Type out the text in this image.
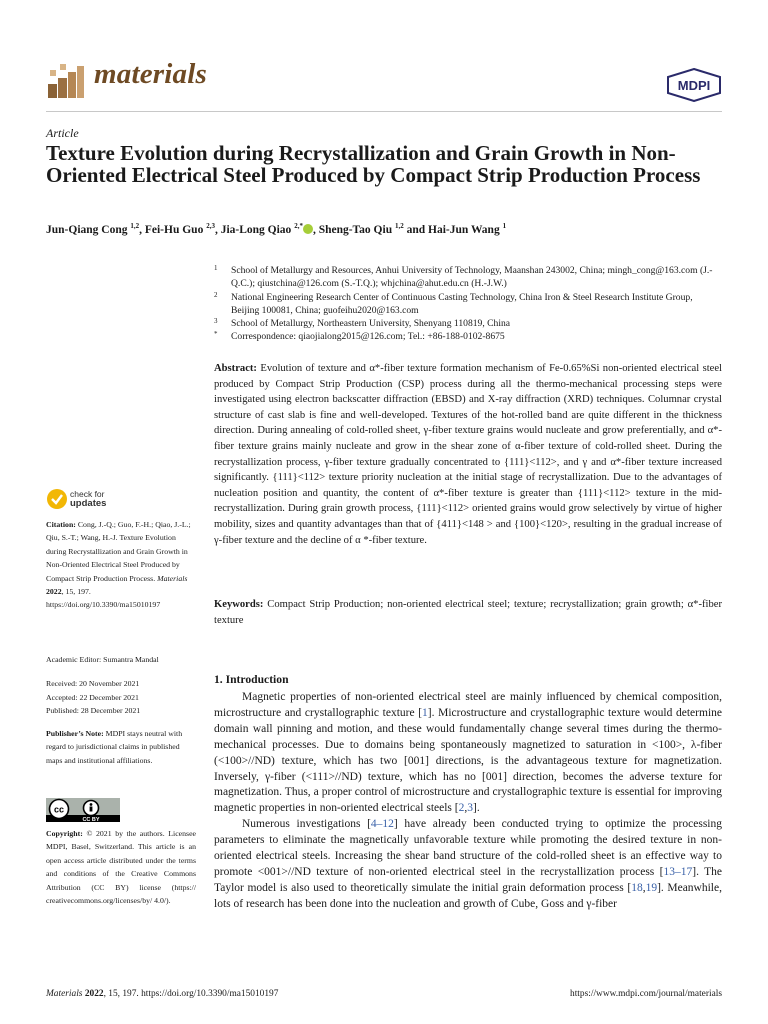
materials	MDPI
Article
Texture Evolution during Recrystallization and Grain Growth in Non-Oriented Electrical Steel Produced by Compact Strip Production Process
Jun-Qiang Cong $^{1,2}$, Fei-Hu Guo $^{2,3}$, Jia-Long Qiao $^{2,*}$ , Sheng-Tao Qiu $^{1,2}$ and Hai-Jun Wang $^1$
1 School of Metallurgy and Resources, Anhui University of Technology, Maanshan 243002, China; mingh_cong@163.com (J.-Q.C.); qiustchina@126.com (S.-T.Q.); whjchina@ahut.edu.cn (H.-J.W.)
2 National Engineering Research Center of Continuous Casting Technology, China Iron & Steel Research Institute Group, Beijing 100081, China; guofeihu2020@163.com
3 School of Metallurgy, Northeastern University, Shenyang 110819, China
* Correspondence: qiaojialong2015@126.com; Tel.: +86-188-0102-8675
Abstract: Evolution of texture and α*-fiber texture formation mechanism of Fe-0.65%Si non-oriented electrical steel produced by Compact Strip Production (CSP) process during all the thermo-mechanical processing steps were investigated using electron backscatter diffraction (EBSD) and X-ray diffraction (XRD) techniques. Columnar crystal structure of cast slab is fine and well-developed. Textures of the hot-rolled band are quite different in the thickness direction. During annealing of cold-rolled sheet, γ-fiber texture grains would nucleate and grow preferentially, and α*-fiber texture grains mainly nucleate and grow in the shear zone of α-fiber texture of cold-rolled sheet. During the recrystallization process, γ-fiber texture gradually concentrated to {111}<112>, and γ and α*-fiber texture increased significantly. {111}<112> texture priority nucleation at the initial stage of recrystallization. Due to the advantages of nucleation position and quantity, the content of α*-fiber texture is greater than {111}<112> texture in the mid-recrystallization. During grain growth process, {111}<112> oriented grains would grow selectively by virtue of higher mobility, sizes and quantity advantages than that of {411}<148 > and {100}<120>, resulting in the gradual increase of γ-fiber texture and the decline of α *-fiber texture.
Keywords: Compact Strip Production; non-oriented electrical steel; texture; recrystallization; grain growth; α*-fiber texture
check for
updates
Citation: Cong, J.-Q.; Guo, F.-H.; Qiao, J.-L.; Qiu, S.-T.; Wang, H.-J. Texture Evolution during Recrystallization and Grain Growth in Non-Oriented Electrical Steel Produced by Compact Strip Production Process. Materials 2022, 15, 197. https://doi.org/10.3390/ma15010197
Academic Editor: Sumantra Mandal
Received: 20 November 2021
Accepted: 22 December 2021
Published: 28 December 2021
Publisher’s Note: MDPI stays neutral with regard to jurisdictional claims in published maps and institutional affiliations.
cc
CC BY
Copyright: © 2021 by the authors. Licensee MDPI, Basel, Switzerland. This article is an open access article distributed under the terms and conditions of the Creative Commons Attribution (CC BY) license (https:// creativecommons.org/licenses/by/ 4.0/).
1. Introduction

Magnetic properties of non-oriented electrical steel are mainly influenced by chemical composition, microstructure and crystallographic texture [1]. Microstructure and crystallographic texture would determine domain wall pinning and motion, and these would fundamentally change several times during the thermo-mechanical processes. Due to domains being spontaneously magnetized to saturation in <100>, λ-fiber (<100>//ND) texture, which has two [001] directions, is the advantageous texture for magnetization. Inversely, γ-fiber (<111>//ND) texture, which has no [001] direction, becomes the adverse texture for magnetization. Thus, a proper control of microstructure and crystallographic texture is essential for improving magnetic properties in non-oriented electrical steels [2,3].

Numerous investigations [4–12] have already been conducted trying to optimize the processing parameters to eliminate the magnetically unfavorable texture while promoting the desired texture in non-oriented electrical steels. Increasing the shear band structure of the cold-rolled sheet is an effective way to promote <001>//ND texture of non-oriented electrical steel in the recrystallization process [13–17]. The Taylor model is also used to theoretically simulate the initial grain deformation process [18,19]. Meanwhile, lots of research has been done into the nucleation and growth of Cube, Goss and γ-fiber

Materials 2022, 15, 197. https://doi.org/10.3390/ma15010197	https://www.mdpi.com/journal/materials
